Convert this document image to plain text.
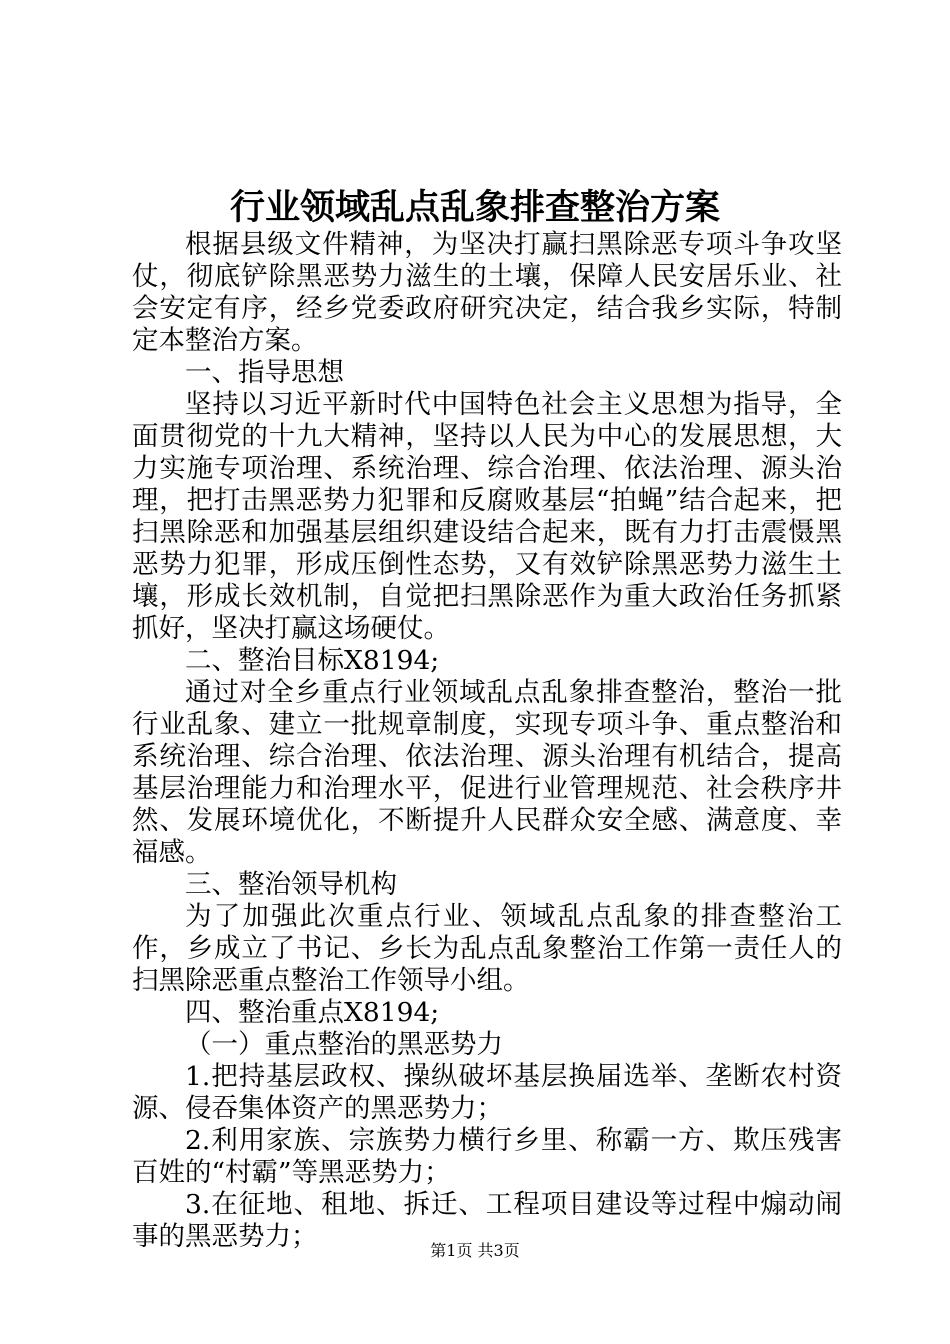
行业领域乱点乱象排查整治方案

根据县级文件精神，为坚决打赢扫黑除恶专项斗争攻坚仗，彻底铲除黑恶势力滋生的土壤，保障人民安居乐业、社会安定有序，经乡党委政府研究决定，结合我乡实际，特制定本整治方案。

一、指导思想

坚持以习近平新时代中国特色社会主义思想为指导，全面贯彻党的十九大精神，坚持以人民为中心的发展思想，大力实施专项治理、系统治理、综合治理、依法治理、源头治理，把打击黑恶势力犯罪和反腐败基层“拍蝇”结合起来，把扫黑除恶和加强基层组织建设结合起来，既有力打击震慑黑恶势力犯罪，形成压倒性态势，又有效铲除黑恶势力滋生土壤，形成长效机制，自觉把扫黑除恶作为重大政治任务抓紧抓好，坚决打赢这场硬仗。

二、整治目标X8194;

通过对全乡重点行业领域乱点乱象排查整治，整治一批行业乱象、建立一批规章制度，实现专项斗争、重点整治和系统治理、综合治理、依法治理、源头治理有机结合，提高基层治理能力和治理水平，促进行业管理规范、社会秩序井然、发展环境优化，不断提升人民群众安全感、满意度、幸福感。

三、整治领导机构

为了加强此次重点行业、领域乱点乱象的排查整治工作，乡成立了书记、乡长为乱点乱象整治工作第一责任人的扫黑除恶重点整治工作领导小组。

四、整治重点X8194;

（一）重点整治的黑恶势力

1.把持基层政权、操纵破坏基层换届选举、垄断农村资源、侵吞集体资产的黑恶势力；

2.利用家族、宗族势力横行乡里、称霸一方、欺压残害百姓的“村霸”等黑恶势力；

3.在征地、租地、拆迁、工程项目建设等过程中煽动闹事的黑恶势力；	第1页 共3页
